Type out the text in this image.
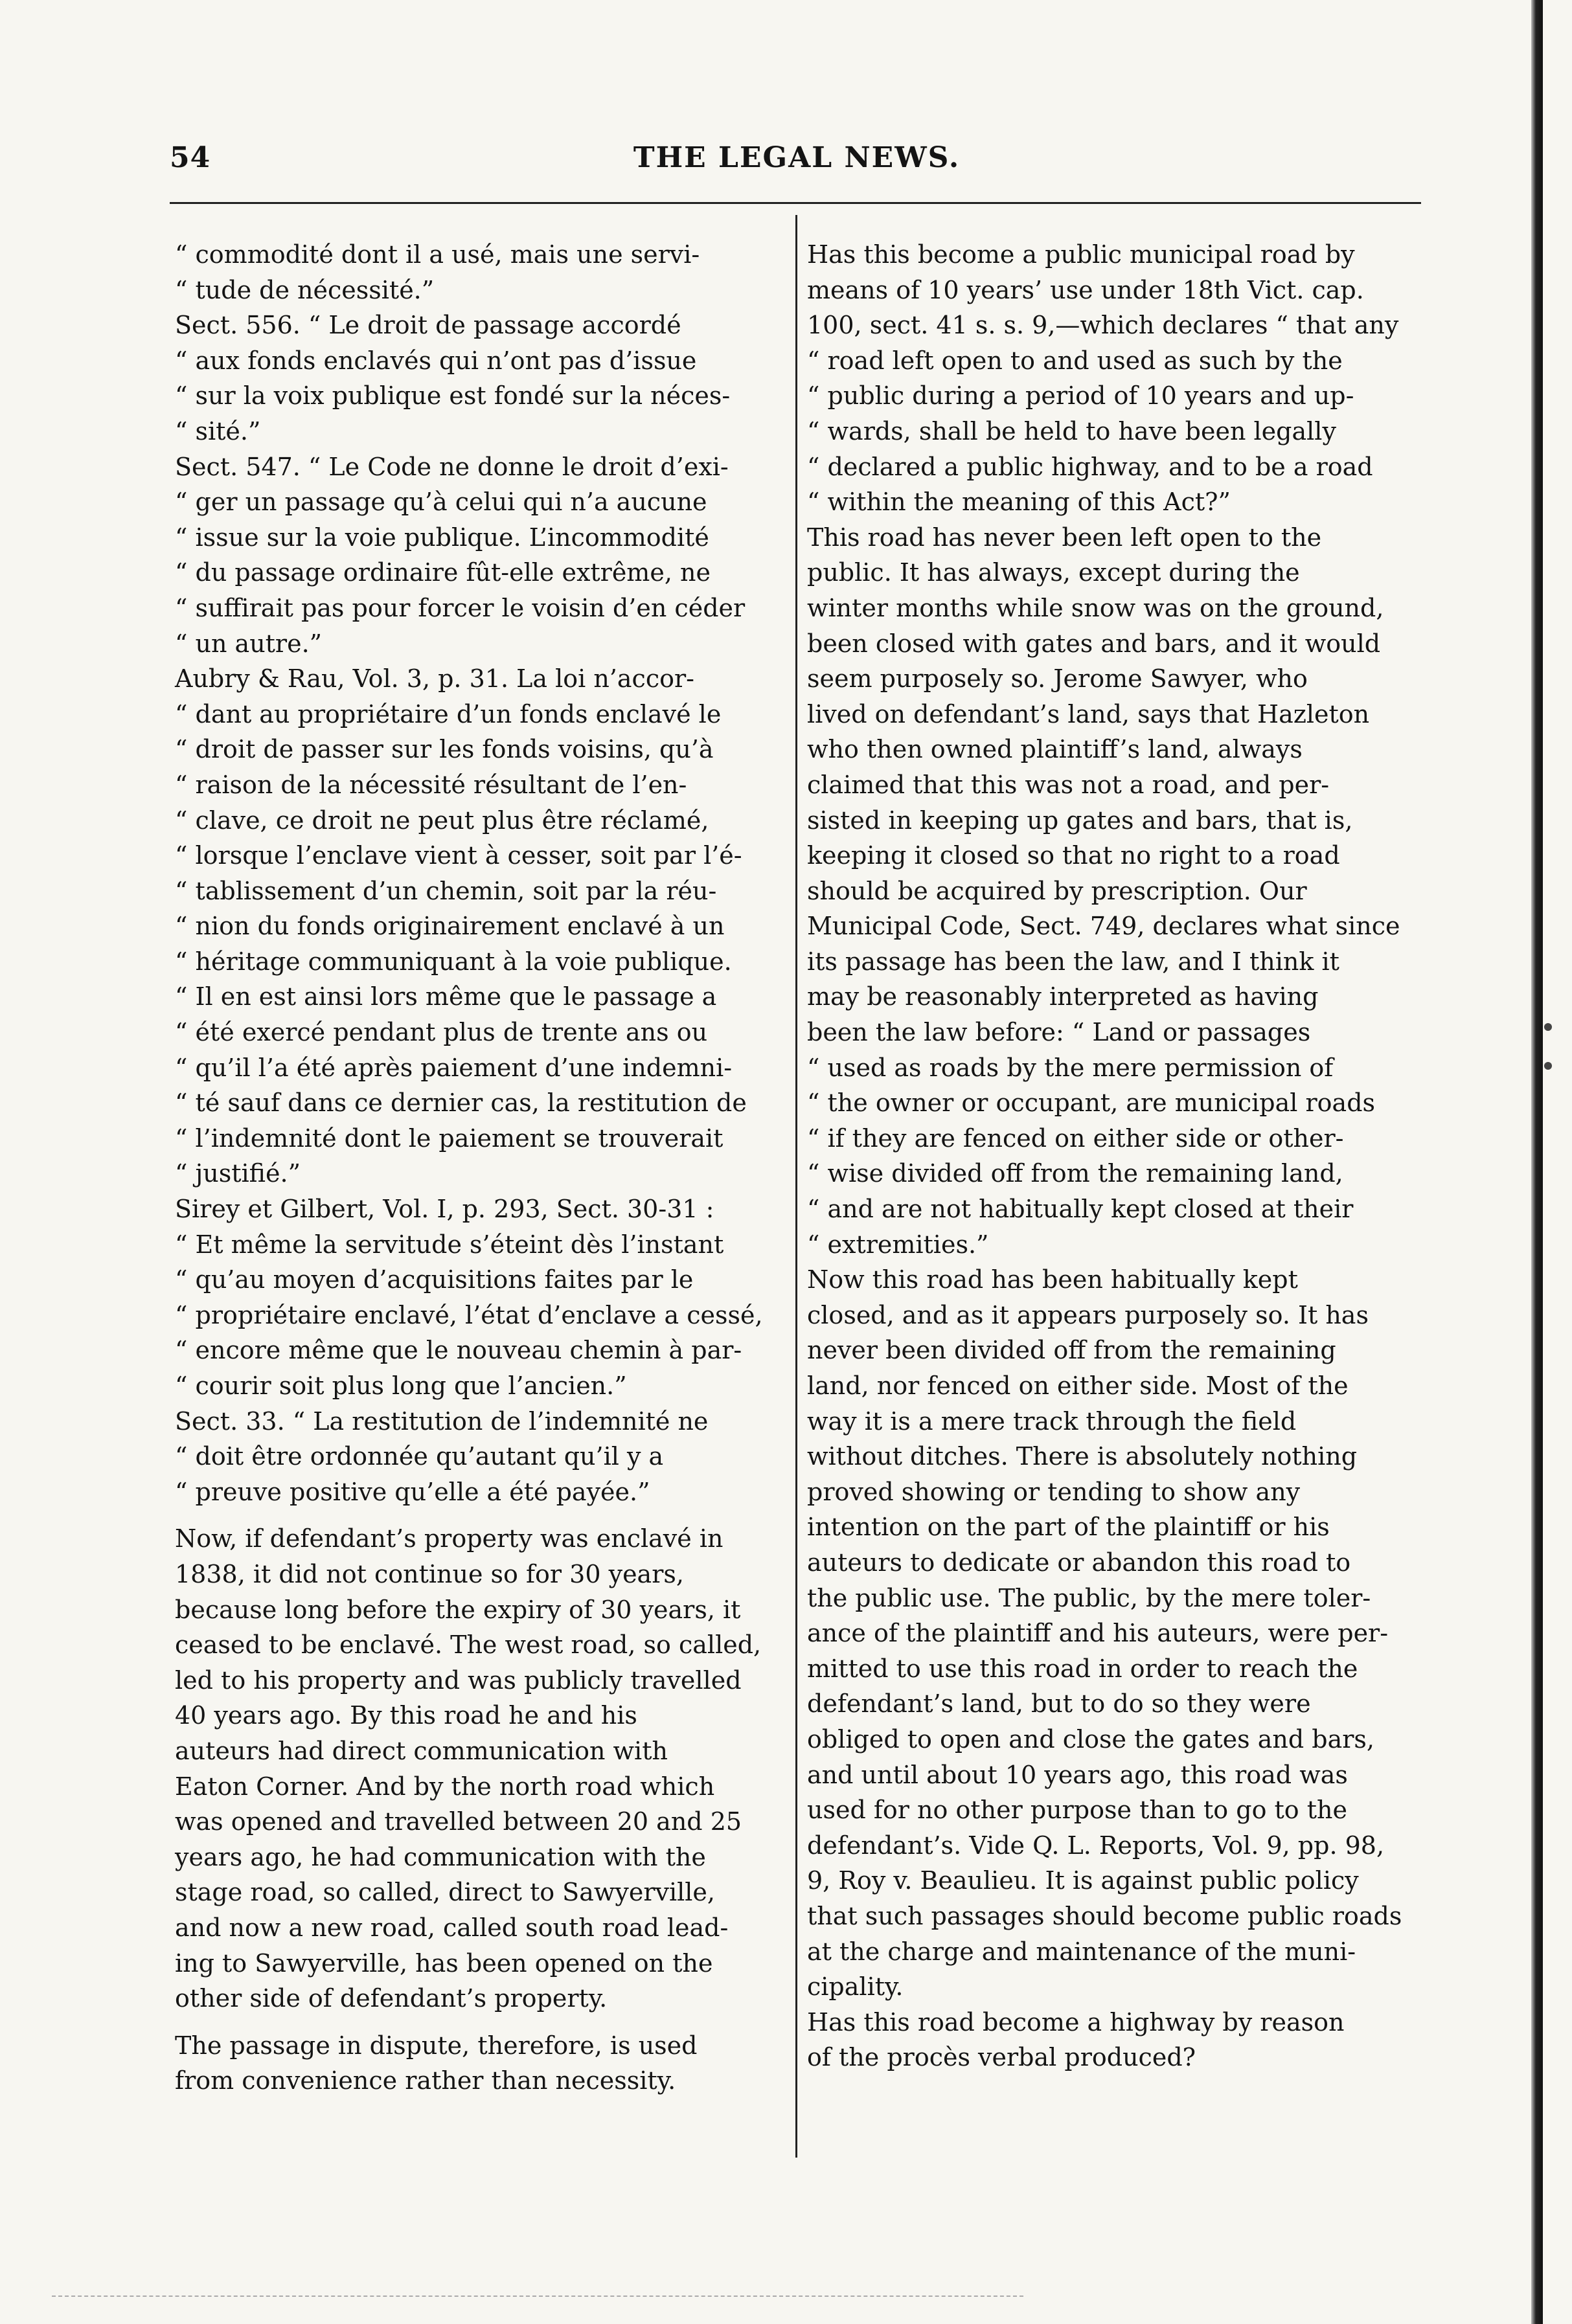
54	THE LEGAL NEWS.
“ commodité dont il a usé, mais une servi-
“ tude de nécessité.”
Sect. 556. “ Le droit de passage accordé
“ aux fonds enclavés qui n’ont pas d’issue
“ sur la voix publique est fondé sur la néces-
“ sité.”
Sect. 547. “ Le Code ne donne le droit d’exi-
“ ger un passage qu’à celui qui n’a aucune
“ issue sur la voie publique. L’incommodité
“ du passage ordinaire fût-elle extrême, ne
“ suffirait pas pour forcer le voisin d’en céder
“ un autre.”
Aubry & Rau, Vol. 3, p. 31. La loi n’accor-
“ dant au propriétaire d’un fonds enclavé le
“ droit de passer sur les fonds voisins, qu’à
“ raison de la nécessité résultant de l’en-
“ clave, ce droit ne peut plus être réclamé,
“ lorsque l’enclave vient à cesser, soit par l’é-
“ tablissement d’un chemin, soit par la réu-
“ nion du fonds originairement enclavé à un
“ héritage communiquant à la voie publique.
“ Il en est ainsi lors même que le passage a
“ été exercé pendant plus de trente ans ou
“ qu’il l’a été après paiement d’une indemni-
“ té sauf dans ce dernier cas, la restitution de
“ l’indemnité dont le paiement se trouverait
“ justifié.”
Sirey et Gilbert, Vol. I, p. 293, Sect. 30-31 :
“ Et même la servitude s’éteint dès l’instant
“ qu’au moyen d’acquisitions faites par le
“ propriétaire enclavé, l’état d’enclave a cessé,
“ encore même que le nouveau chemin à par-
“ courir soit plus long que l’ancien.”
Sect. 33. “ La restitution de l’indemnité ne
“ doit être ordonnée qu’autant qu’il y a
“ preuve positive qu’elle a été payée.”
Now, if defendant’s property was enclavé in
1838, it did not continue so for 30 years,
because long before the expiry of 30 years, it
ceased to be enclavé. The west road, so called,
led to his property and was publicly travelled
40 years ago. By this road he and his
auteurs had direct communication with
Eaton Corner. And by the north road which
was opened and travelled between 20 and 25
years ago, he had communication with the
stage road, so called, direct to Sawyerville,
and now a new road, called south road lead-
ing to Sawyerville, has been opened on the
other side of defendant’s property.
The passage in dispute, therefore, is used
from convenience rather than necessity.
Has this become a public municipal road by
means of 10 years’ use under 18th Vict. cap.
100, sect. 41 s. s. 9,—which declares “ that any
“ road left open to and used as such by the
“ public during a period of 10 years and up-
“ wards, shall be held to have been legally
“ declared a public highway, and to be a road
“ within the meaning of this Act?”
This road has never been left open to the
public. It has always, except during the
winter months while snow was on the ground,
been closed with gates and bars, and it would
seem purposely so. Jerome Sawyer, who
lived on defendant’s land, says that Hazleton
who then owned plaintiff’s land, always
claimed that this was not a road, and per-
sisted in keeping up gates and bars, that is,
keeping it closed so that no right to a road
should be acquired by prescription. Our
Municipal Code, Sect. 749, declares what since
its passage has been the law, and I think it
may be reasonably interpreted as having
been the law before: “ Land or passages
“ used as roads by the mere permission of
“ the owner or occupant, are municipal roads
“ if they are fenced on either side or other-
“ wise divided off from the remaining land,
“ and are not habitually kept closed at their
“ extremities.”
Now this road has been habitually kept
closed, and as it appears purposely so. It has
never been divided off from the remaining
land, nor fenced on either side. Most of the
way it is a mere track through the field
without ditches. There is absolutely nothing
proved showing or tending to show any
intention on the part of the plaintiff or his
auteurs to dedicate or abandon this road to
the public use. The public, by the mere toler-
ance of the plaintiff and his auteurs, were per-
mitted to use this road in order to reach the
defendant’s land, but to do so they were
obliged to open and close the gates and bars,
and until about 10 years ago, this road was
used for no other purpose than to go to the
defendant’s. Vide Q. L. Reports, Vol. 9, pp. 98,
9, Roy v. Beaulieu. It is against public policy
that such passages should become public roads
at the charge and maintenance of the muni-
cipality.
Has this road become a highway by reason
of the procès verbal produced?
